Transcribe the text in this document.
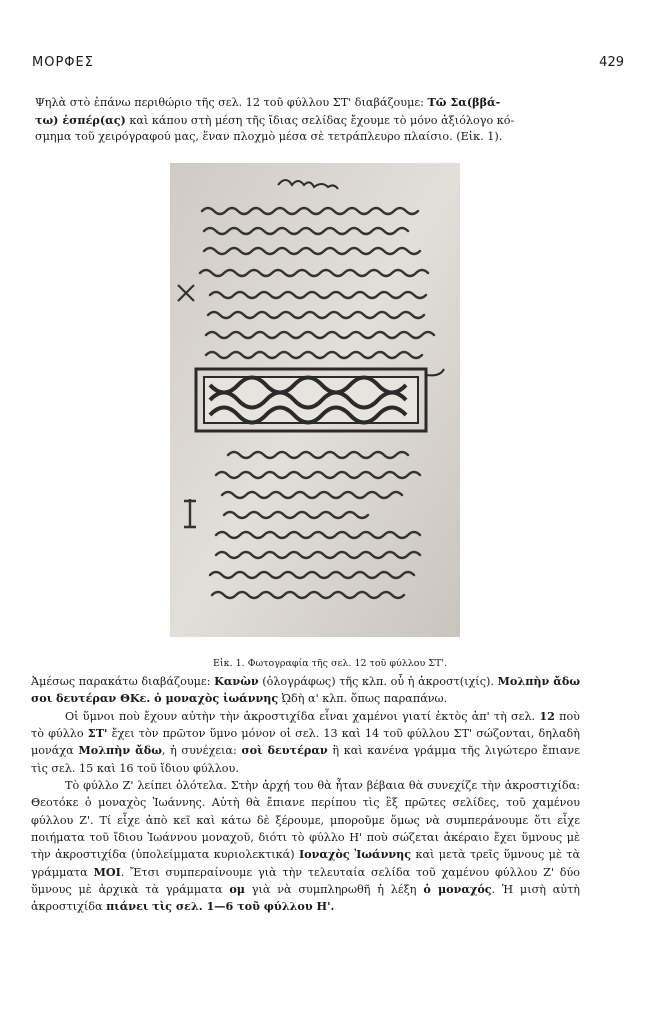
ΜΟΡΦΕΣ	429

Ψηλὰ στὸ ἐπάνω περιθώριο τῆς σελ. 12 τοῦ φύλλου ΣΤ' διαβάζουμε: Τῶ Σα(ββά-

τω) ἑσπέρ(ας) καὶ κάπου στὴ μέση τῆς ἴδιας σελίδας ἔχουμε τὸ μόνο ἀξιόλογο κό-

σμημα τοῦ χειρόγραφού μας, ἕναν πλοχμὸ μέσα σὲ τετράπλευρο πλαίσιο. (Εἰκ. 1).

Εἰκ. 1. Φωτογραφία τῆς σελ. 12 τοῦ φύλλου ΣΤ'.

Ἀμέσως παρακάτω διαβάζουμε: Κανὼν (ὁλογράφως) τῆς κλπ. οὗ ἡ ἀκροστ(ιχίς). Μολπὴν ἄδω σοι δευτέραν ΘΚε. ὁ μοναχὸς ἰωάννης ᾨδὴ α' κλπ. ὅπως παραπάνω.

Οἱ ὕμνοι ποὺ ἔχουν αὐτὴν τὴν ἀκροστιχίδα εἶναι χαμένοι γιατί ἐκτὸς ἀπ' τὴ σελ. 12 ποὺ τὸ φύλλο ΣΤ' ἔχει τὸν πρῶτον ὕμνο μόνον οἱ σελ. 13 καὶ 14 τοῦ φύλλου ΣΤ' σώζονται, δηλαδὴ μονάχα Μολπὴν ἄδω, ἡ συνέχεια: σοὶ δευτέραν ἢ καὶ κανένα γράμμα τῆς λιγώτερο ἔπιανε τὶς σελ. 15 καὶ 16 τοῦ ἴδιου φύλλου.

Τὸ φύλλο Ζ' λείπει ὁλότελα. Στὴν ἀρχή του θὰ ἦταν βέβαια θὰ συνεχίζε τὴν ἀκροστιχίδα: Θεοτόκε ὁ μοναχὸς Ἰωάννης. Αὐτὴ θὰ ἔπιανε περίπου τὶς ἓξ πρῶτες σελίδες, τοῦ χαμένου φύλλου Ζ'. Τί εἶχε ἀπὸ κεῖ καὶ κάτω δὲ ξέρουμε, μποροῦμε ὅμως νὰ συμπεράνουμε ὅτι εἶχε ποιήματα τοῦ ἴδιου Ἰωάννου μοναχοῦ, διότι τὸ φύλλο Η' ποὺ σώζεται ἀκέραιο ἔχει ὕμνους μὲ τὴν ἀκροστιχίδα (ὑπολείμματα κυριολεκτικά) Ιοναχὸς Ἰωάννης καὶ μετὰ τρεῖς ὕμνους μὲ τὰ γράμματα ΜΟΙ. Ἔτσι συμπεραίνουμε γιὰ τὴν τελευταία σελίδα τοῦ χαμένου φύλλου Ζ' δύο ὕμνους μὲ ἀρχικὰ τὰ γράμματα ομ γιὰ νὰ συμπληρωθῆ ἡ λέξη ὁ μοναχός. Ἡ μισὴ αὐτὴ ἀκροστιχίδα πιάνει τὶς σελ. 1—6 τοῦ φύλλου Η'.
